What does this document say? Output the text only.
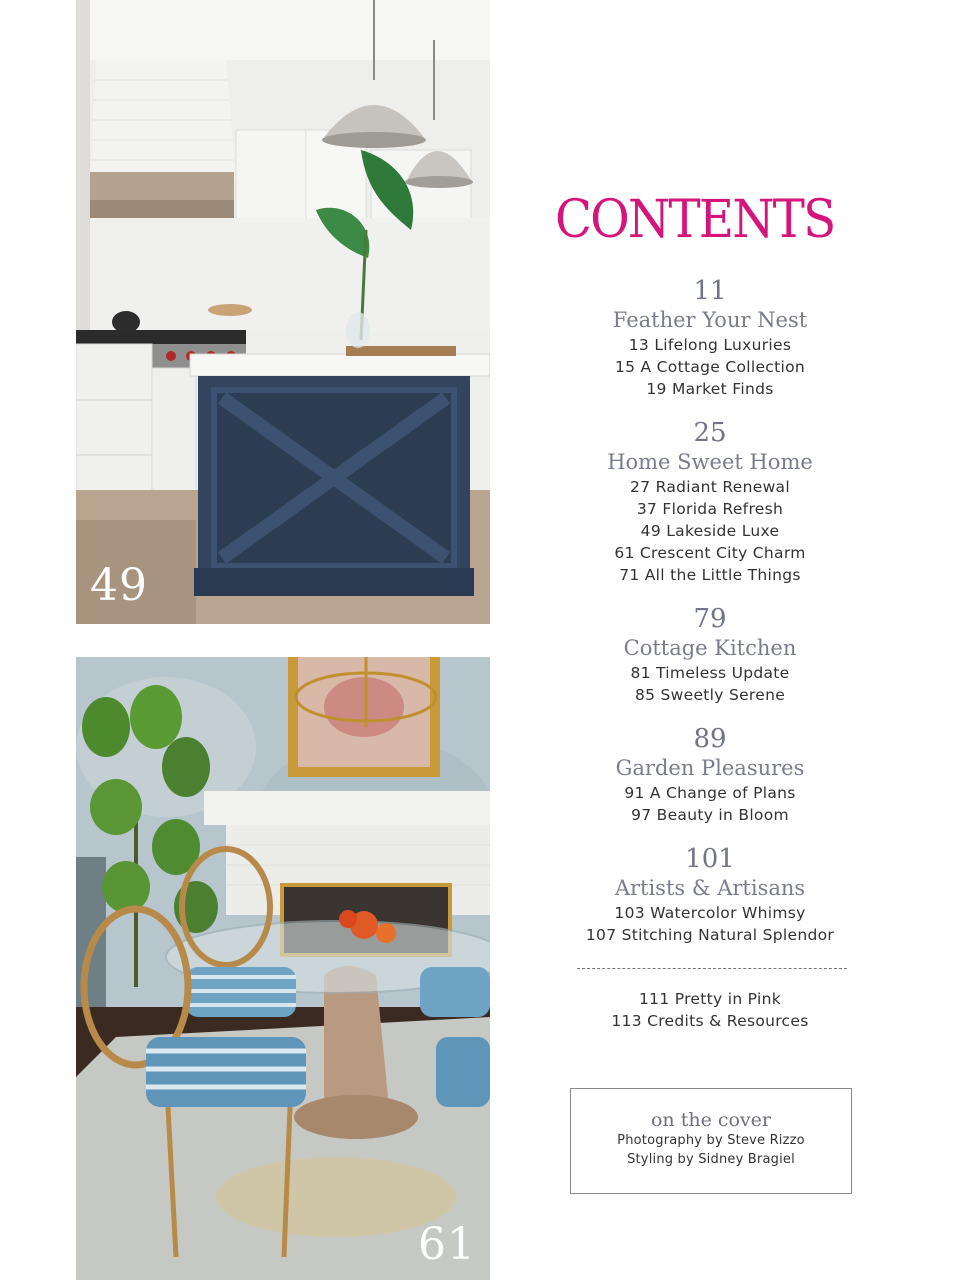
49
61
CONTENTS
11
Feather Your Nest
13 Lifelong Luxuries
15 A Cottage Collection
19 Market Finds
25
Home Sweet Home
27 Radiant Renewal
37 Florida Refresh
49 Lakeside Luxe
61 Crescent City Charm
71 All the Little Things
79
Cottage Kitchen
81 Timeless Update
85 Sweetly Serene
89
Garden Pleasures
91 A Change of Plans
97 Beauty in Bloom
101
Artists & Artisans
103 Watercolor Whimsy
107 Stitching Natural Splendor
111 Pretty in Pink
113 Credits & Resources
on the cover
Photography by Steve Rizzo
Styling by Sidney Bragiel
